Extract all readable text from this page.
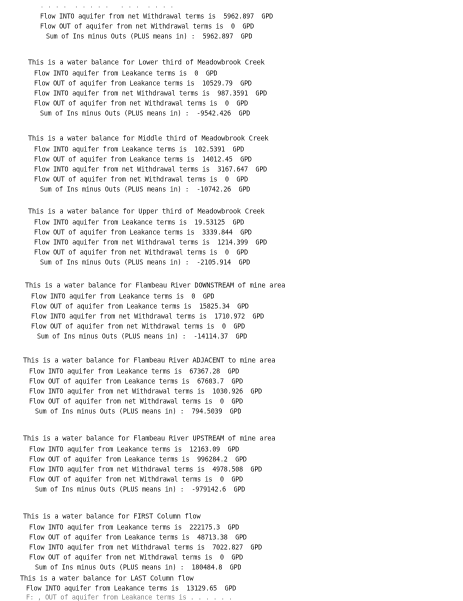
. . . .  . . . . .   . . .  . . . .
Flow INTO aquifer from net Withdrawal terms is  5962.897  GPD
Flow OUT of aquifer from net Withdrawal terms is  0  GPD
Sum of Ins minus Outs (PLUS means in) :  5962.897  GPD
This is a water balance for Lower third of Meadowbrook Creek
Flow INTO aquifer from Leakance terms is  0  GPD
Flow OUT of aquifer from Leakance terms is  10529.79  GPD
Flow INTO aquifer from net Withdrawal terms is  987.3591  GPD
Flow OUT of aquifer from net Withdrawal terms is  0  GPD
Sum of Ins minus Outs (PLUS means in) :  -9542.426  GPD
This is a water balance for Middle third of Meadowbrook Creek
Flow INTO aquifer from Leakance terms is  102.5391  GPD
Flow OUT of aquifer from Leakance terms is  14012.45  GPD
Flow INTO aquifer from net Withdrawal terms is  3167.647  GPD
Flow OUT of aquifer from net Withdrawal terms is  0  GPD
Sum of Ins minus Outs (PLUS means in) :  -10742.26  GPD
This is a water balance for Upper third of Meadowbrook Creek
Flow INTO aquifer from Leakance terms is  19.53125  GPD
Flow OUT of aquifer from Leakance terms is  3339.844  GPD
Flow INTO aquifer from net Withdrawal terms is  1214.399  GPD
Flow OUT of aquifer from net Withdrawal terms is  0  GPD
Sum of Ins minus Outs (PLUS means in) :  -2105.914  GPD
This is a water balance for Flambeau River DOWNSTREAM of mine area
Flow INTO aquifer from Leakance terms is  0  GPD
Flow OUT of aquifer from Leakance terms is  15825.34  GPD
Flow INTO aquifer from net Withdrawal terms is  1710.972  GPD
Flow OUT of aquifer from net Withdrawal terms is  0  GPD
Sum of Ins minus Outs (PLUS means in) :  -14114.37  GPD
This is a water balance for Flambeau River ADJACENT to mine area
Flow INTO aquifer from Leakance terms is  67367.28  GPD
Flow OUT of aquifer from Leakance terms is  67603.7  GPD
Flow INTO aquifer from net Withdrawal terms is  1030.926  GPD
Flow OUT of aquifer from net Withdrawal terms is  0  GPD
Sum of Ins minus Outs (PLUS means in) :  794.5039  GPD
This is a water balance for Flambeau River UPSTREAM of mine area
Flow INTO aquifer from Leakance terms is  12163.09  GPD
Flow OUT of aquifer from Leakance terms is  996284.2  GPD
Flow INTO aquifer from net Withdrawal terms is  4978.508  GPD
Flow OUT of aquifer from net Withdrawal terms is  0  GPD
Sum of Ins minus Outs (PLUS means in) :  -979142.6  GPD
This is a water balance for FIRST Column flow
Flow INTO aquifer from Leakance terms is  222175.3  GPD
Flow OUT of aquifer from Leakance terms is  48713.38  GPD
Flow INTO aquifer from net Withdrawal terms is  7022.827  GPD
Flow OUT of aquifer from net Withdrawal terms is  0  GPD
Sum of Ins minus Outs (PLUS means in) :  180484.8  GPD
This is a water balance for LAST Column flow
Flow INTO aquifer from Leakance terms is  13129.65  GPD
F: , OUT of aquifer from Leakance terms is . . . . . .
